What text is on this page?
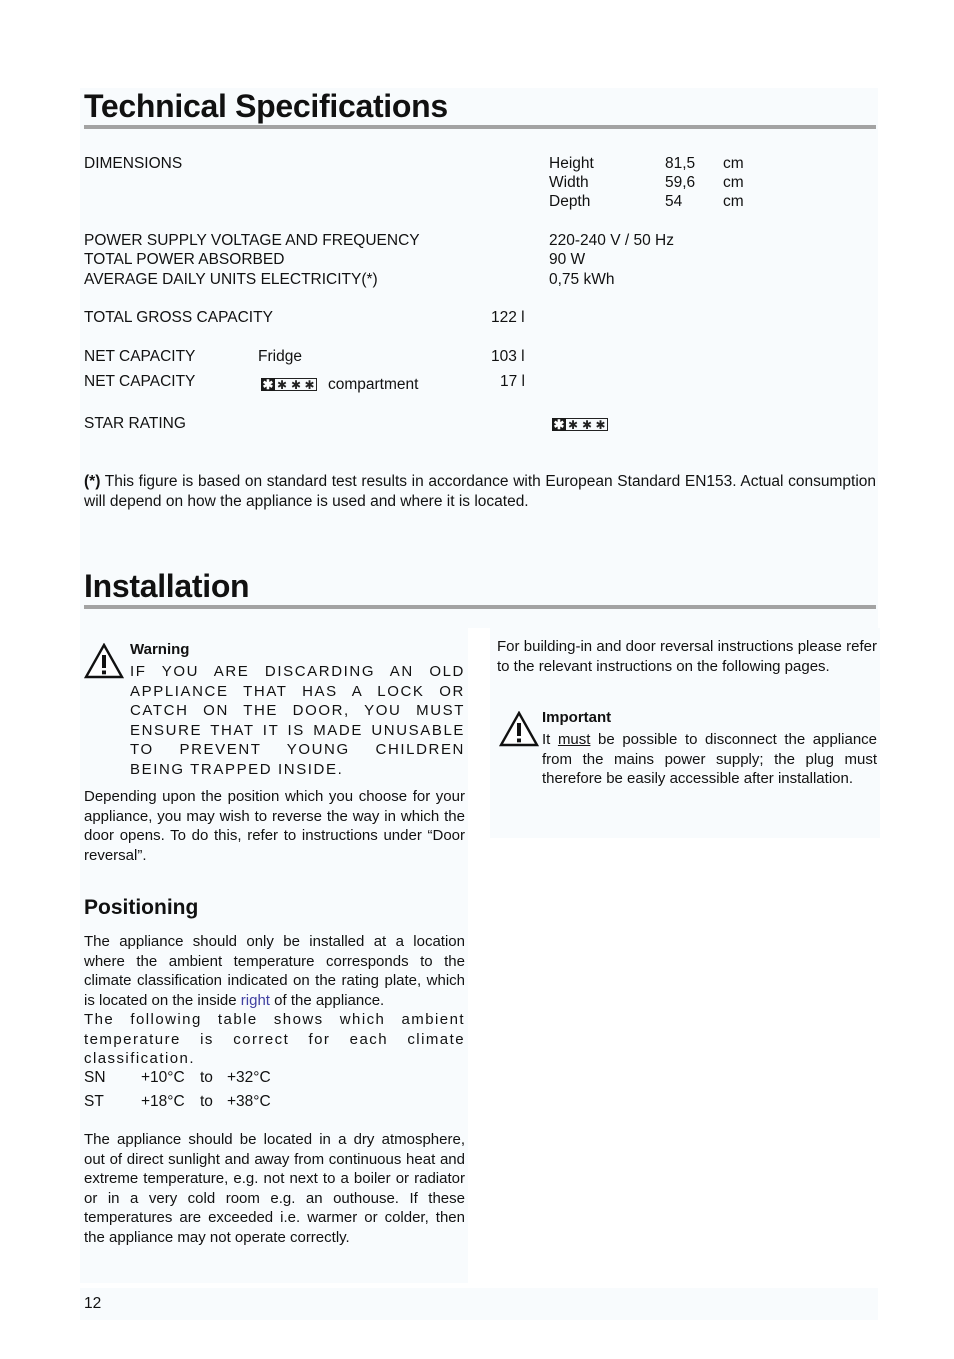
Technical Specifications
DIMENSIONS	Height	81,5 cm
Width	59,6 cm
Depth	54	cm
POWER SUPPLY VOLTAGE AND FREQUENCY	220-240 V / 50 Hz
TOTAL POWER ABSORBED	90 W
AVERAGE DAILY UNITS ELECTRICITY(*)	0,75 kWh
TOTAL GROSS CAPACITY	122 l
NET CAPACITY	Fridge	103 l
NET CAPACITY	✱ ✱ ✱ ✱ compartment	17 l
STAR RATING	✱ ✱ ✱ ✱

(*) This figure is based on standard test results in accordance with European Standard EN153. Actual consumption will depend on how the appliance is used and where it is located.

Installation
Warning

IF YOU ARE DISCARDING AN OLD APPLIANCE THAT HAS A LOCK OR CATCH ON THE DOOR, YOU MUST ENSURE THAT IT IS MADE UNUSABLE TO PREVENT YOUNG CHILDREN BEING TRAPPED INSIDE.

Depending upon the position which you choose for your appliance, you may wish to reverse the way in which the door opens. To do this, refer to instructions under “Door reversal”.

For building-in and door reversal instructions please refer to the relevant instructions on the following pages.

Important

It must be possible to disconnect the appliance from the mains power supply; the plug must therefore be easily accessible after installation.

Positioning

The appliance should only be installed at a location where the ambient temperature corresponds to the climate classification indicated on the rating plate, which is located on the inside right of the appliance.

The following table shows which ambient temperature is correct for each climate classification.

SN +10°C to +32°C
ST +18°C to +38°C

The appliance should be located in a dry atmosphere, out of direct sunlight and away from continuous heat and extreme temperature, e.g. not next to a boiler or radiator or in a very cold room e.g. an outhouse. If these temperatures are exceeded i.e. warmer or colder, then the appliance may not operate correctly.

12
